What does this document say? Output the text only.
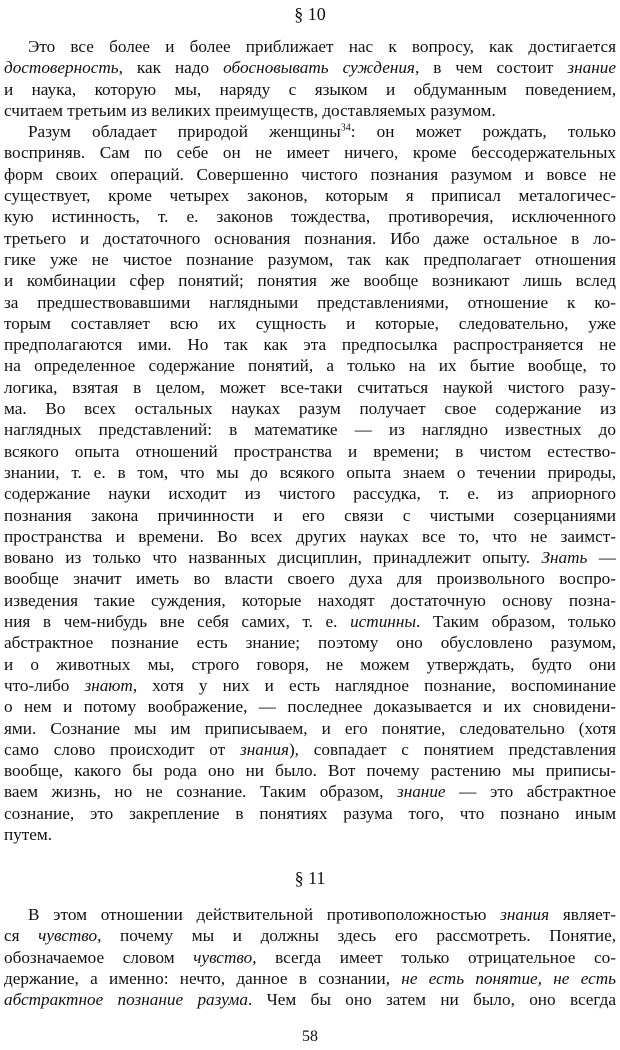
§ 10
Это все более и более приближает нас к вопросу, как достигается
достоверность, как надо обосновывать суждения, в чем состоит знание
и наука, которую мы, наряду с языком и обдуманным поведением,
считаем третьим из великих преимуществ, доставляемых разумом.
Разум обладает природой женщины$^{34}$: он может рождать, только
восприняв. Сам по себе он не имеет ничего, кроме бессодержательных
форм своих операций. Совершенно чистого познания разумом и вовсе не
существует, кроме четырех законов, которым я приписал металогичес-
кую истинность, т. е. законов тождества, противоречия, исключенного
третьего и достаточного основания познания. Ибо даже остальное в ло-
гике уже не чистое познание разумом, так как предполагает отношения
и комбинации сфер понятий; понятия же вообще возникают лишь вслед
за предшествовавшими наглядными представлениями, отношение к ко-
торым составляет всю их сущность и которые, следовательно, уже
предполагаются ими. Но так как эта предпосылка распространяется не
на определенное содержание понятий, а только на их бытие вообще, то
логика, взятая в целом, может все-таки считаться наукой чистого разу-
ма. Во всех остальных науках разум получает свое содержание из
наглядных представлений: в математике — из наглядно известных до
всякого опыта отношений пространства и времени; в чистом естество-
знании, т. е. в том, что мы до всякого опыта знаем о течении природы,
содержание науки исходит из чистого рассудка, т. е. из априорного
познания закона причинности и его связи с чистыми созерцаниями
пространства и времени. Во всех других науках все то, что не заимст-
вовано из только что названных дисциплин, принадлежит опыту. Знать —
вообще значит иметь во власти своего духа для произвольного воспро-
изведения такие суждения, которые находят достаточную основу позна-
ния в чем-нибудь вне себя самих, т. е. истинны. Таким образом, только
абстрактное познание есть знание; поэтому оно обусловлено разумом,
и о животных мы, строго говоря, не можем утверждать, будто они
что-либо знают, хотя у них и есть наглядное познание, воспоминание
о нем и потому воображение, — последнее доказывается и их сновидени-
ями. Сознание мы им приписываем, и его понятие, следовательно (хотя
само слово происходит от знания), совпадает с понятием представления
вообще, какого бы рода оно ни было. Вот почему растению мы приписы-
ваем жизнь, но не сознание. Таким образом, знание — это абстрактное
сознание, это закрепление в понятиях разума того, что познано иным
путем.
§ 11
В этом отношении действительной противоположностью знания являет-
ся чувство, почему мы и должны здесь его рассмотреть. Понятие,
обозначаемое словом чувство, всегда имеет только отрицательное со-
держание, а именно: нечто, данное в сознании, не есть понятие, не есть
абстрактное познание разума. Чем бы оно затем ни было, оно всегда
58
